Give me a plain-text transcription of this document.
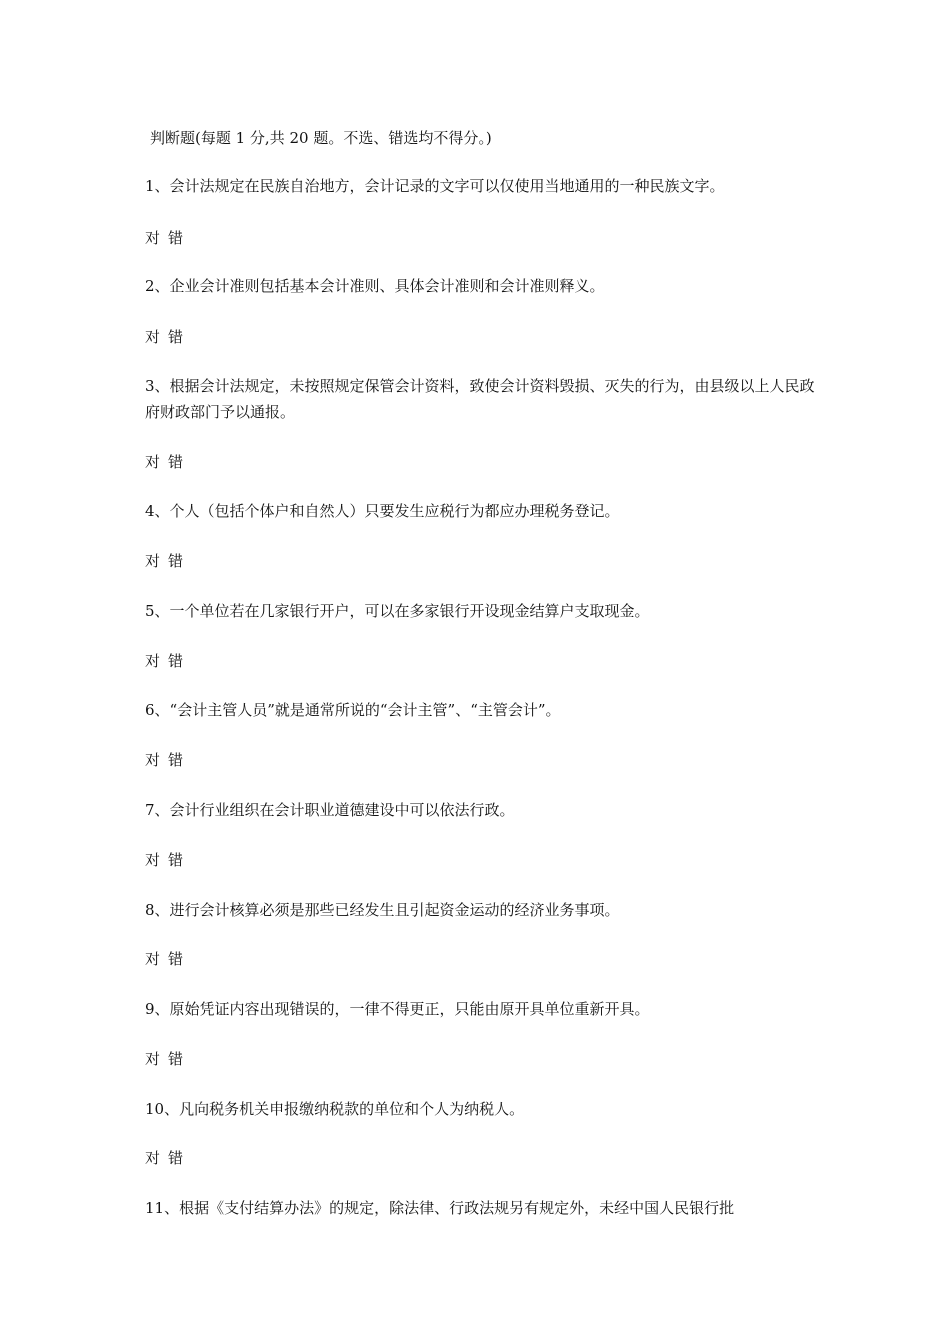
判断题(每题 1 分,共 20 题。不选、错选均不得分。)
1、会计法规定在民族自治地方，会计记录的文字可以仅使用当地通用的一种民族文字。
对 错
2、企业会计准则包括基本会计准则、具体会计准则和会计准则释义。
对 错
3、根据会计法规定，未按照规定保管会计资料，致使会计资料毁损、灭失的行为，由县级以上人民政府财政部门予以通报。
对 错
4、个人（包括个体户和自然人）只要发生应税行为都应办理税务登记。
对 错
5、一个单位若在几家银行开户，可以在多家银行开设现金结算户支取现金。
对 错
6、“会计主管人员”就是通常所说的“会计主管”、“主管会计”。
对 错
7、会计行业组织在会计职业道德建设中可以依法行政。
对 错
8、进行会计核算必须是那些已经发生且引起资金运动的经济业务事项。
对 错
9、原始凭证内容出现错误的，一律不得更正，只能由原开具单位重新开具。
对 错
10、凡向税务机关申报缴纳税款的单位和个人为纳税人。
对 错
11、根据《支付结算办法》的规定，除法律、行政法规另有规定外，未经中国人民银行批
